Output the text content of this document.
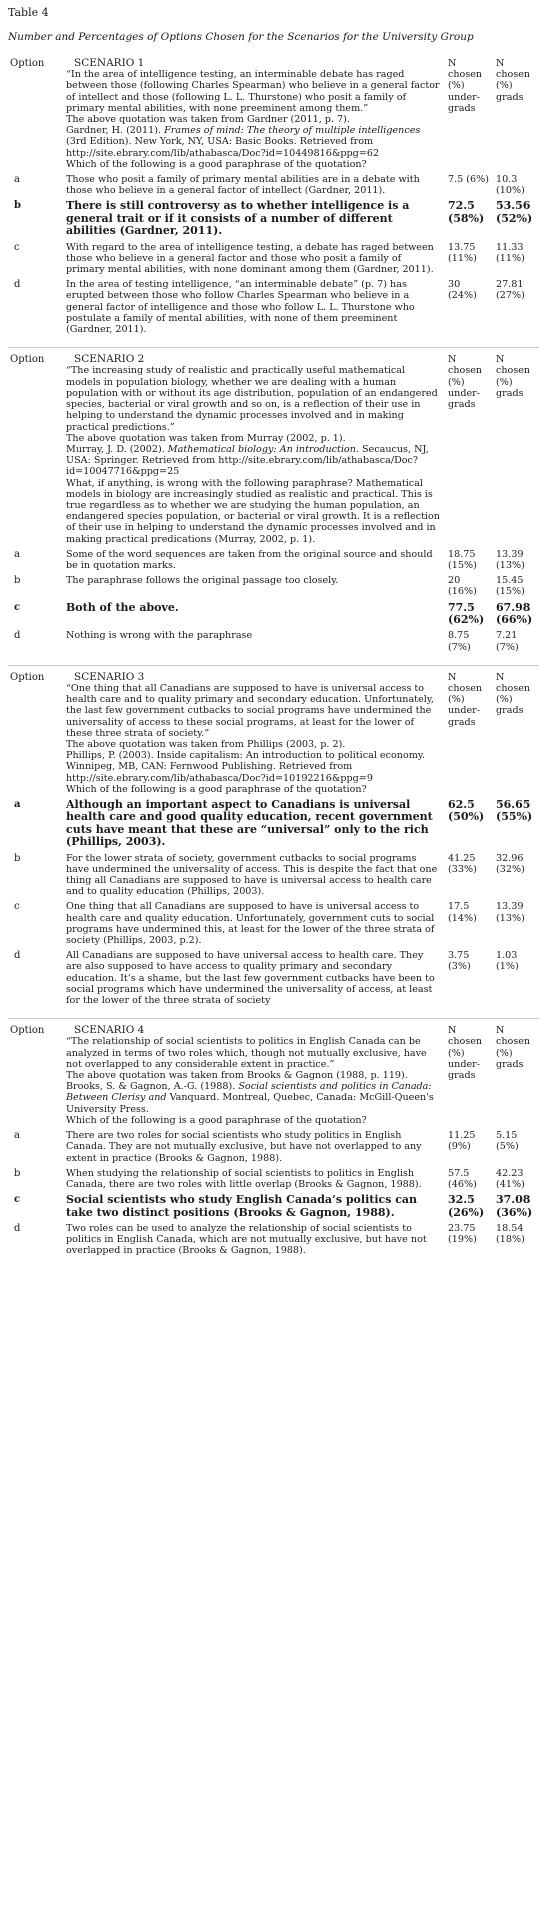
Table 4
Number and Percentages of Options Chosen for the Scenarios for the University Group
Option	SCENARIO 1
“In the area of intelligence testing, an interminable debate has raged between those (following Charles Spearman) who believe in a general factor of intellect and those (following L. L. Thurstone) who posit a family of primary mental abilities, with none preeminent among them.”
The above quotation was taken from Gardner (2011, p. 7).
Gardner, H. (2011). Frames of mind: The theory of multiple intelligences (3rd Edition). New York, NY, USA: Basic Books. Retrieved from http://site.ebrary.com/lib/athabasca/Doc?id=10449816&ppg=62
Which of the following is a good paraphrase of the quotation?	N chosen (%) under-grads	N chosen (%) grads
a	Those who posit a family of primary mental abilities are in a debate with those who believe in a general factor of intellect (Gardner, 2011).	7.5 (6%)	10.3 (10%)
b	There is still controversy as to whether intelligence is a general trait or if it consists of a number of different abilities (Gardner, 2011).	72.5 (58%)	53.56 (52%)
c	With regard to the area of intelligence testing, a debate has raged between those who believe in a general factor and those who posit a family of primary mental abilities, with none dominant among them (Gardner, 2011).	13.75 (11%)	11.33 (11%)
d	In the area of testing intelligence, “an interminable debate” (p. 7) has erupted between those who follow Charles Spearman who believe in a general factor of intelligence and those who follow L. L. Thurstone who postulate a family of mental abilities, with none of them preeminent (Gardner, 2011).	30 (24%)	27.81 (27%)

Option	SCENARIO 2
“The increasing study of realistic and practically useful mathematical models in population biology, whether we are dealing with a human population with or without its age distribution, population of an endangered species, bacterial or viral growth and so on, is a reflection of their use in helping to understand the dynamic processes involved and in making practical predictions.”
The above quotation was taken from Murray (2002, p. 1).
Murray, J. D. (2002). Mathematical biology: An introduction. Secaucus, NJ, USA: Springer. Retrieved from http://site.ebrary.com/lib/athabasca/Doc?id=10047716&ppg=25
What, if anything, is wrong with the following paraphrase? Mathematical models in biology are increasingly studied as realistic and practical. This is true regardless as to whether we are studying the human population, an endangered species population, or bacterial or viral growth. It is a reflection of their use in helping to understand the dynamic processes involved and in making practical predications (Murray, 2002, p. 1).	N chosen (%) under-grads	N chosen (%) grads
a	Some of the word sequences are taken from the original source and should be in quotation marks.	18.75 (15%)	13.39 (13%)
b	The paraphrase follows the original passage too closely.	20 (16%)	15.45 (15%)
c	Both of the above.	77.5 (62%)	67.98 (66%)
d	Nothing is wrong with the paraphrase	8.75 (7%)	7.21 (7%)

Option	SCENARIO 3
“One thing that all Canadians are supposed to have is universal access to health care and to quality primary and secondary education. Unfortunately, the last few government cutbacks to social programs have undermined the universality of access to these social programs, at least for the lower of these three strata of society.”
The above quotation was taken from Phillips (2003, p. 2).
Phillips, P. (2003). Inside capitalism: An introduction to political economy. Winnipeg, MB, CAN: Fernwood Publishing. Retrieved from http://site.ebrary.com/lib/athabasca/Doc?id=10192216&ppg=9
Which of the following is a good paraphrase of the quotation?	N chosen (%) under-grads	N chosen (%) grads
a	Although an important aspect to Canadians is universal health care and good quality education, recent government cuts have meant that these are “universal” only to the rich (Phillips, 2003).	62.5 (50%)	56.65 (55%)
b	For the lower strata of society, government cutbacks to social programs have undermined the universality of access. This is despite the fact that one thing all Canadians are supposed to have is universal access to health care and to quality education (Phillips, 2003).	41.25 (33%)	32.96 (32%)
c	One thing that all Canadians are supposed to have is universal access to health care and quality education. Unfortunately, government cuts to social programs have undermined this, at least for the lower of the three strata of society (Phillips, 2003, p.2).	17.5 (14%)	13.39 (13%)
d	All Canadians are supposed to have universal access to health care. They are also supposed to have access to quality primary and secondary education. It’s a shame, but the last few government cutbacks have been to social programs which have undermined the universality of access, at least for the lower of the three strata of society	3.75 (3%)	1.03 (1%)

Option	SCENARIO 4
“The relationship of social scientists to politics in English Canada can be analyzed in terms of two roles which, though not mutually exclusive, have not overlapped to any considerable extent in practice.”
The above quotation was taken from Brooks & Gagnon (1988, p. 119). Brooks, S. & Gagnon, A.-G. (1988). Social scientists and politics in Canada: Between Clerisy and Vanquard. Montreal, Quebec, Canada: McGill-Queen's University Press.
Which of the following is a good paraphrase of the quotation?	N chosen (%) under-grads	N chosen (%) grads
a	There are two roles for social scientists who study politics in English Canada. They are not mutually exclusive, but have not overlapped to any extent in practice (Brooks & Gagnon, 1988).	11.25 (9%)	5.15 (5%)
b	When studying the relationship of social scientists to politics in English Canada, there are two roles with little overlap (Brooks & Gagnon, 1988).	57.5 (46%)	42.23 (41%)
c	Social scientists who study English Canada’s politics can take two distinct positions (Brooks & Gagnon, 1988).	32.5 (26%)	37.08 (36%)
d	Two roles can be used to analyze the relationship of social scientists to politics in English Canada, which are not mutually exclusive, but have not overlapped in practice (Brooks & Gagnon, 1988).	23.75 (19%)	18.54 (18%)
